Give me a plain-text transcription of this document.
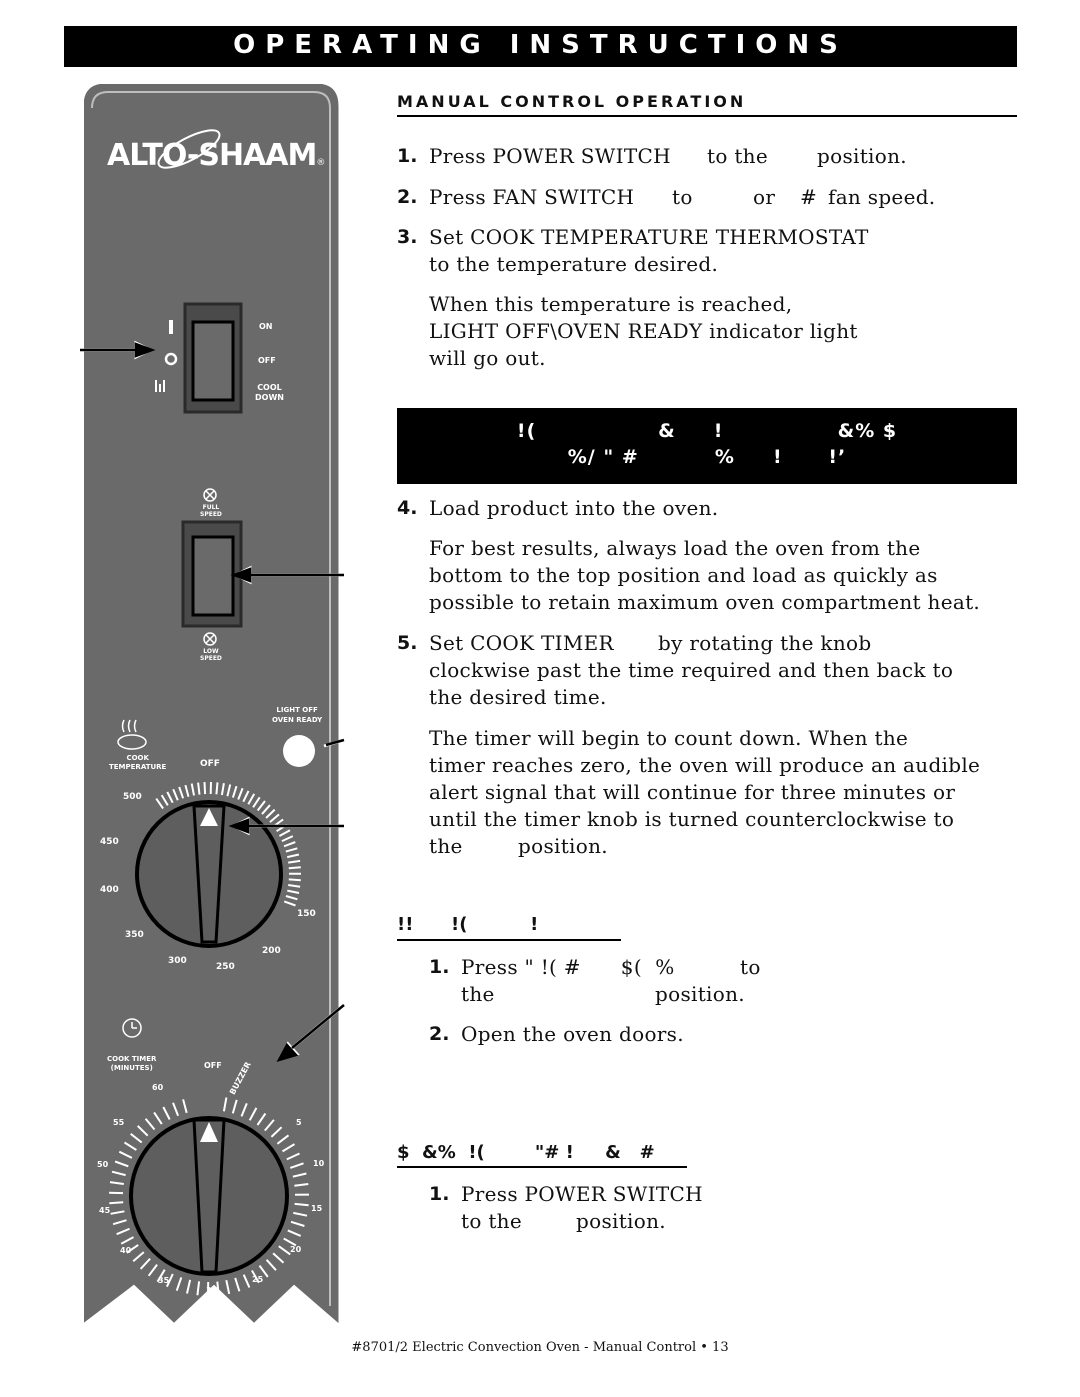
OPERATING INSTRUCTIONS
ALTO-SHAAM®
ON
OFF
COOL
DOWN
FULL
SPEED
LOW
SPEED
LIGHT OFF
OVEN READY
COOK
TEMPERATURE	OFF
500
450
400
350
300
250
200
150
COOK TIMER
(MINUTES)	OFF BUZZER
60
55
50
45
40
35
30
25
20
15
10
5
MANUAL CONTROL OPERATION
1. Press POWER SWITCH to the position.
2. Press FAN SWITCH to	or # fan speed.
3. Set COOK TEMPERATURE THERMOSTAT
to the temperature desired.
When this temperature is reached,
LIGHT OFF\OVEN READY indicator light
will go out.
!(                &     !               &% $
%/ " #          %     !      !’
4. Load product into the oven.
For best results, always load the oven from the
bottom to the top position and load as quickly as
possible to retain maximum oven compartment heat.
5. Set COOK TIMER by rotating the knob
clockwise past the time required and then back to
the desired time.
The timer will begin to count down. When the
timer reaches zero, the oven will produce an audible
alert signal that will continue for three minutes or
until the timer knob is turned counterclockwise to
the	position.
!!      !(          !
1. Press " !( #      $(  %	to
the	position.
2. Open the oven doors.
$  &%  !(        "# !     &   #
1. Press POWER SWITCH
to the	position.
#8701/2 Electric Convection Oven - Manual Control • 13
